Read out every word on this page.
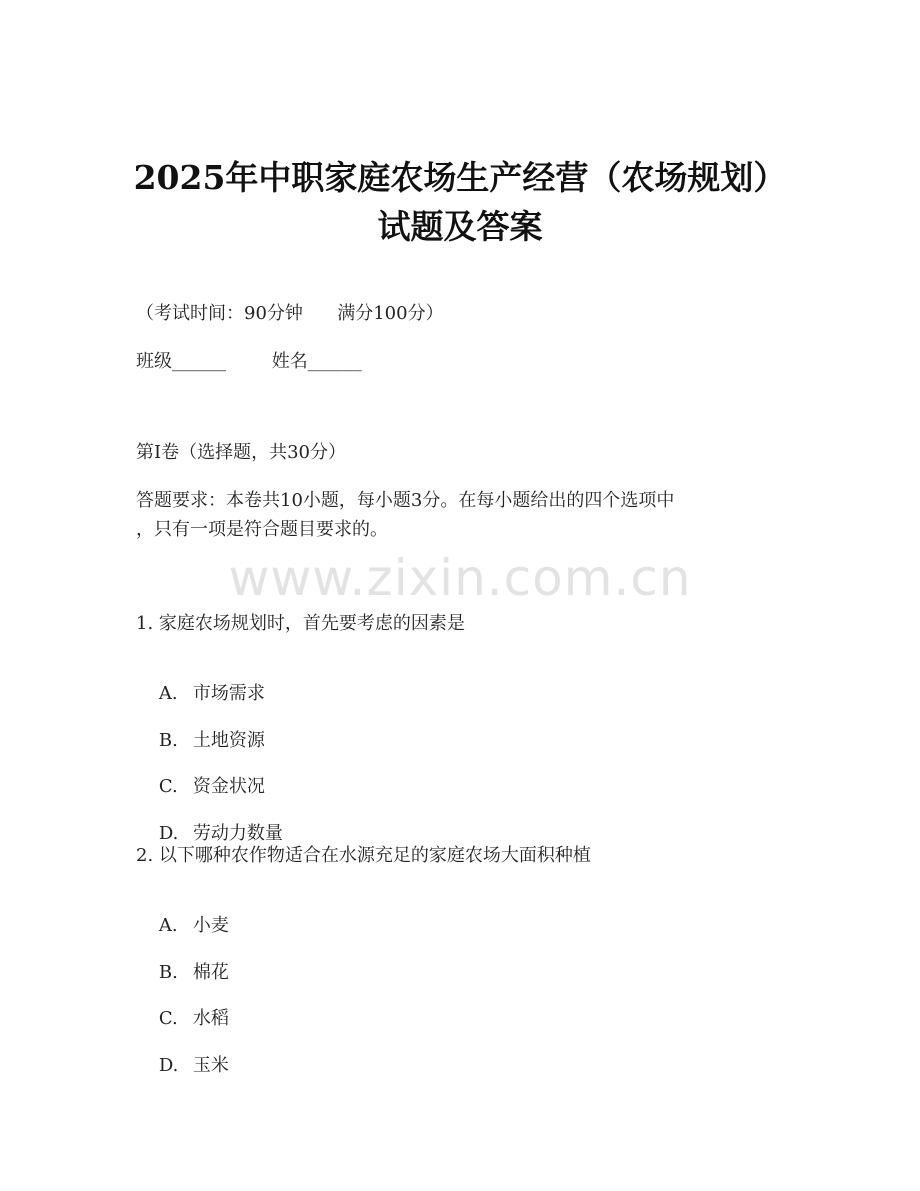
2025年中职家庭农场生产经营（农场规划）
试题及答案
（考试时间：90分钟      满分100分）
班级______        姓名______
第I卷（选择题，共30分）
答题要求：本卷共10小题，每小题3分。在每小题给出的四个选项中
，只有一项是符合题目要求的。
www.zixin.com.cn
1. 家庭农场规划时，首先要考虑的因素是

A. 市场需求

B. 土地资源

C. 资金状况

D. 劳动力数量

2. 以下哪种农作物适合在水源充足的家庭农场大面积种植

A. 小麦

B. 棉花

C. 水稻

D. 玉米
